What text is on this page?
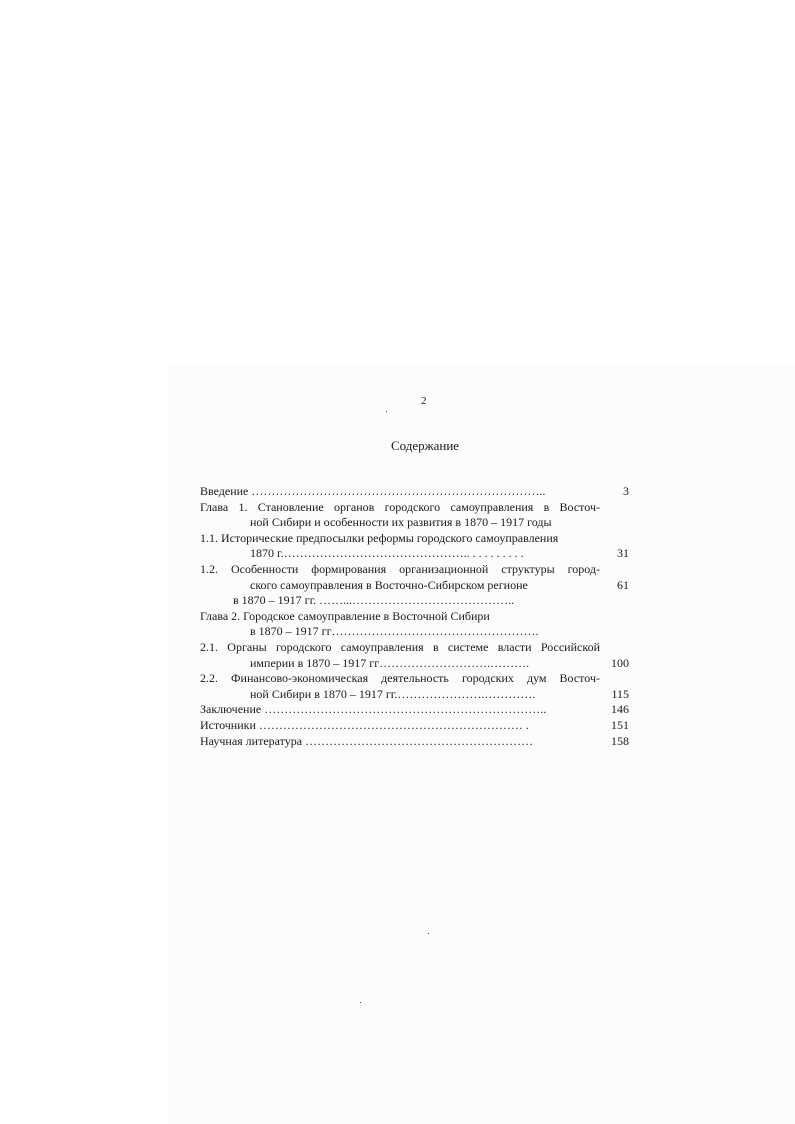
2
Содержание
Введение ………………………………………………………………..	3
Глава 1. Становление органов городского самоуправления в Восточ-
ной Сибири и особенности их развития в 1870 – 1917 годы
1.1. Исторические предпосылки реформы городского самоуправления
1870 г.……………………………………….. . . . . . . . . .	31
1.2. Особенности формирования организационной структуры город-
ского самоуправления в Восточно-Сибирском регионе	61
в 1870 – 1917 гг. ……...…………………………………..
Глава 2. Городское самоуправление в Восточной Сибири
в 1870 – 1917 гг…………………………………………….
2.1. Органы городского самоуправления в системе власти Российской
империи в 1870 – 1917 гг……………………….……….	100
2.2. Финансово-экономическая деятельность городских дум Восточ-
ной Сибири в 1870 – 1917 гг.………………….………….	115
Заключение ……………………………………………………………..	146
Источники ………………………………………………………… .	151
Научная литература …………………………………………………	158
